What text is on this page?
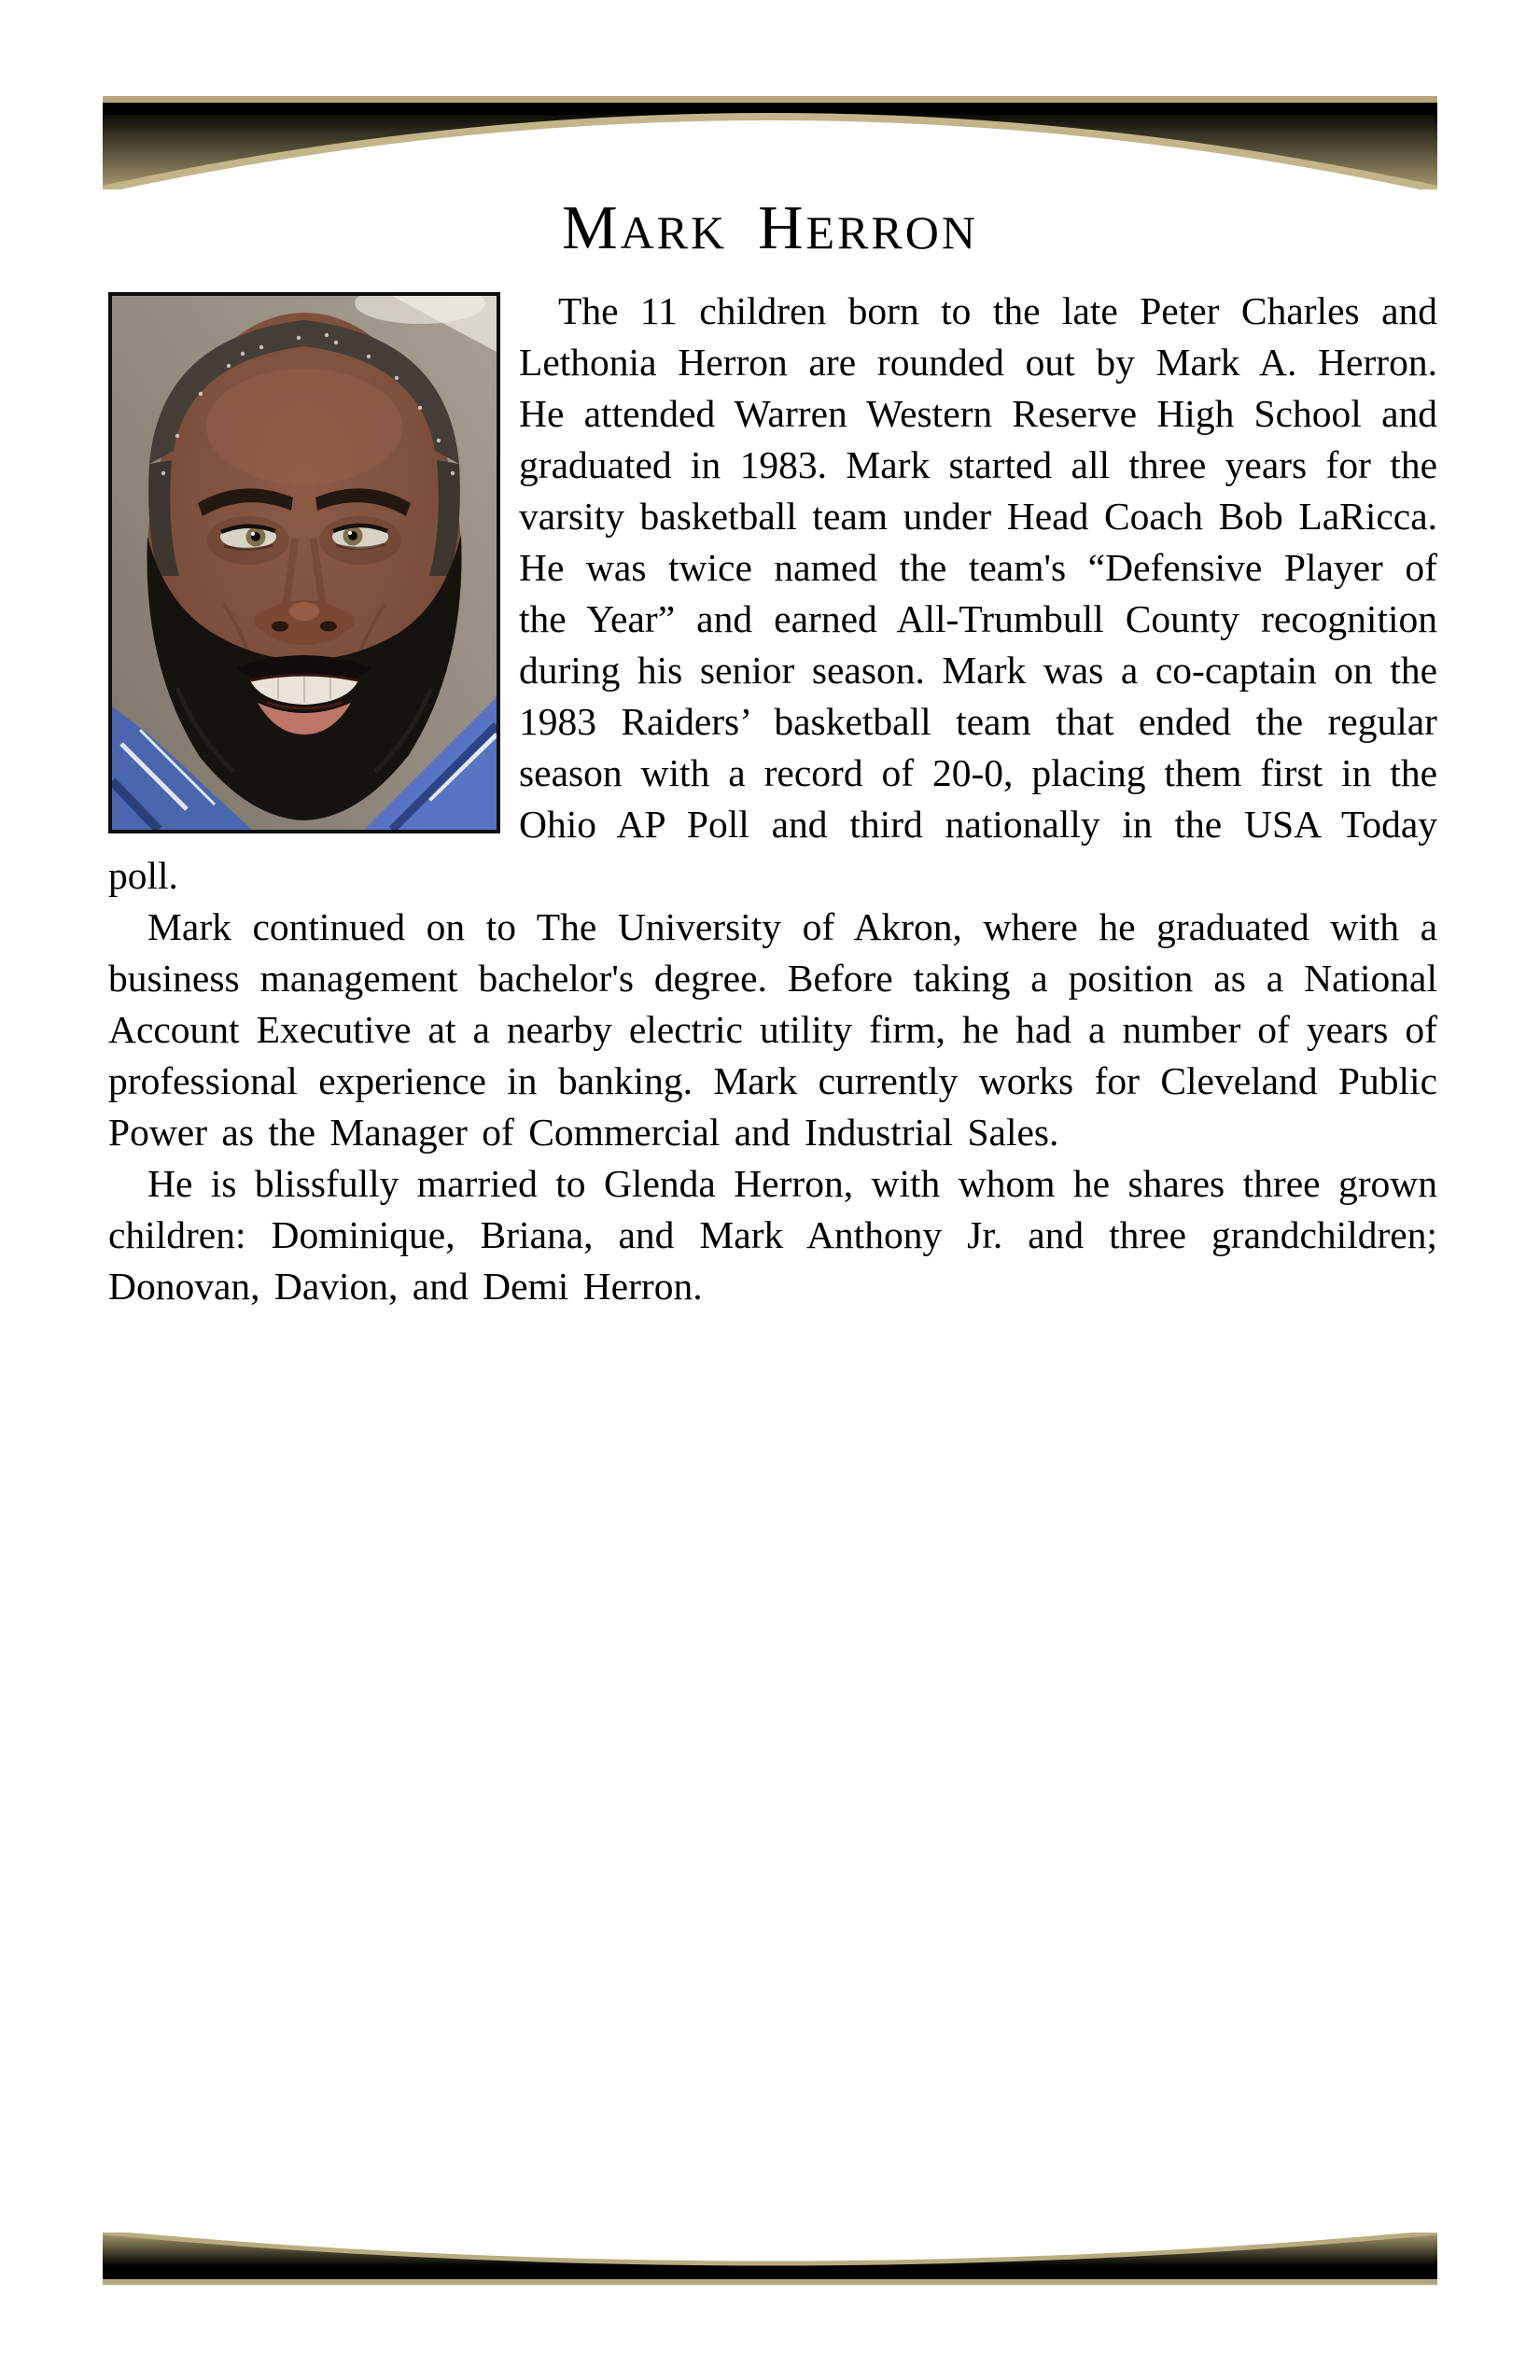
MARK HERRON

The 11 children born to the late Peter Charles and Lethonia Herron are rounded out by Mark A. Herron. He attended Warren Western Reserve High School and graduated in 1983. Mark started all three years for the varsity basketball team under Head Coach Bob LaRicca. He was twice named the team's “Defensive Player of the Year” and earned All-Trumbull County recognition during his senior season. Mark was a co-captain on the 1983 Raiders’ basketball team that ended the regular season with a record of 20-0, placing them first in the Ohio AP Poll and third nationally in the USA Today poll.

Mark continued on to The University of Akron, where he graduated with a business management bachelor's degree. Before taking a position as a National Account Executive at a nearby electric utility firm, he had a number of years of professional experience in banking. Mark currently works for Cleveland Public Power as the Manager of Commercial and Industrial Sales.

He is blissfully married to Glenda Herron, with whom he shares three grown children: Dominique, Briana, and Mark Anthony Jr. and three grandchildren; Donovan, Davion, and Demi Herron.
